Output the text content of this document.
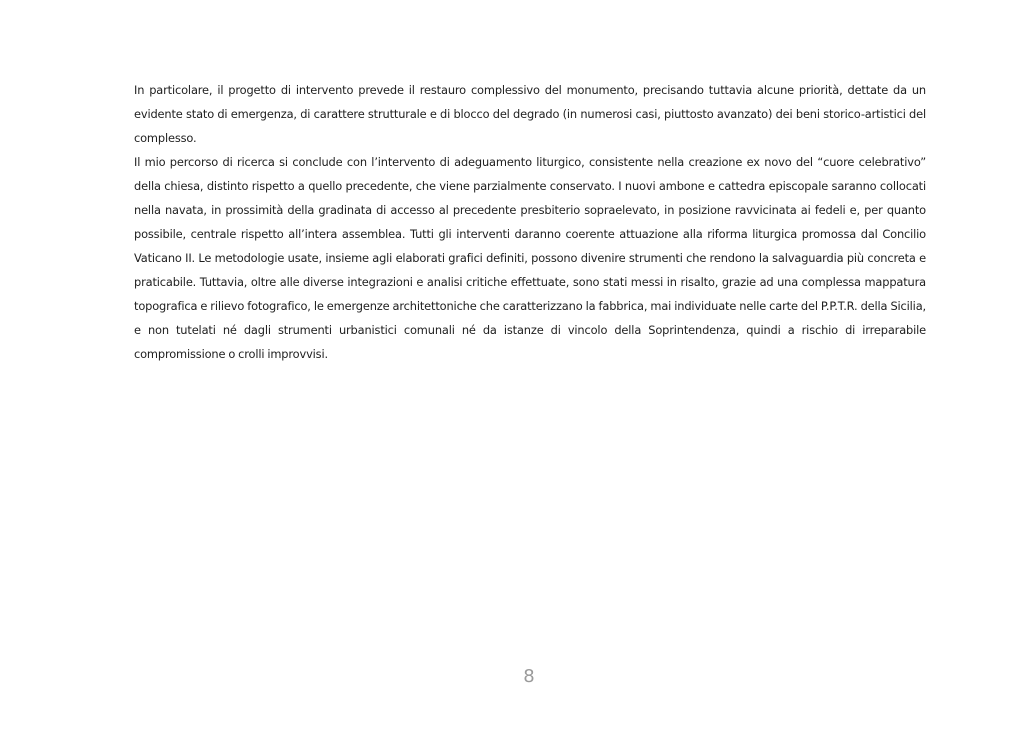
In particolare, il progetto di intervento prevede il restauro complessivo del monumento, precisando tuttavia alcune priorità, dettate da un evidente stato di emergenza, di carattere strutturale e di blocco del degrado (in numerosi casi, piuttosto avanzato) dei beni storico-artistici del complesso.

Il mio percorso di ricerca si conclude con l’intervento di adeguamento liturgico, consistente nella creazione ex novo del “cuore celebrativo” della chiesa, distinto rispetto a quello precedente, che viene parzialmente conservato. I nuovi ambone e cattedra episcopale saranno collocati nella navata, in prossimità della gradinata di accesso al precedente presbiterio sopraelevato, in posizione ravvicinata ai fedeli e, per quanto possibile, centrale rispetto all’intera assemblea. Tutti gli interventi daranno coerente attuazione alla riforma liturgica promossa dal Concilio Vaticano II. Le metodologie usate, insieme agli elaborati grafici definiti, possono divenire strumenti che rendono la salvaguardia più concreta e praticabile. Tuttavia, oltre alle diverse integrazioni e analisi critiche effettuate, sono stati messi in risalto, grazie ad una complessa mappatura topografica e rilievo fotografico, le emergenze architettoniche che caratterizzano la fabbrica, mai individuate nelle carte del P.P.T.R. della Sicilia, e non tutelati né dagli strumenti urbanistici comunali né da istanze di vincolo della Soprintendenza, quindi a rischio di irreparabile compromissione o crolli improvvisi.

8
